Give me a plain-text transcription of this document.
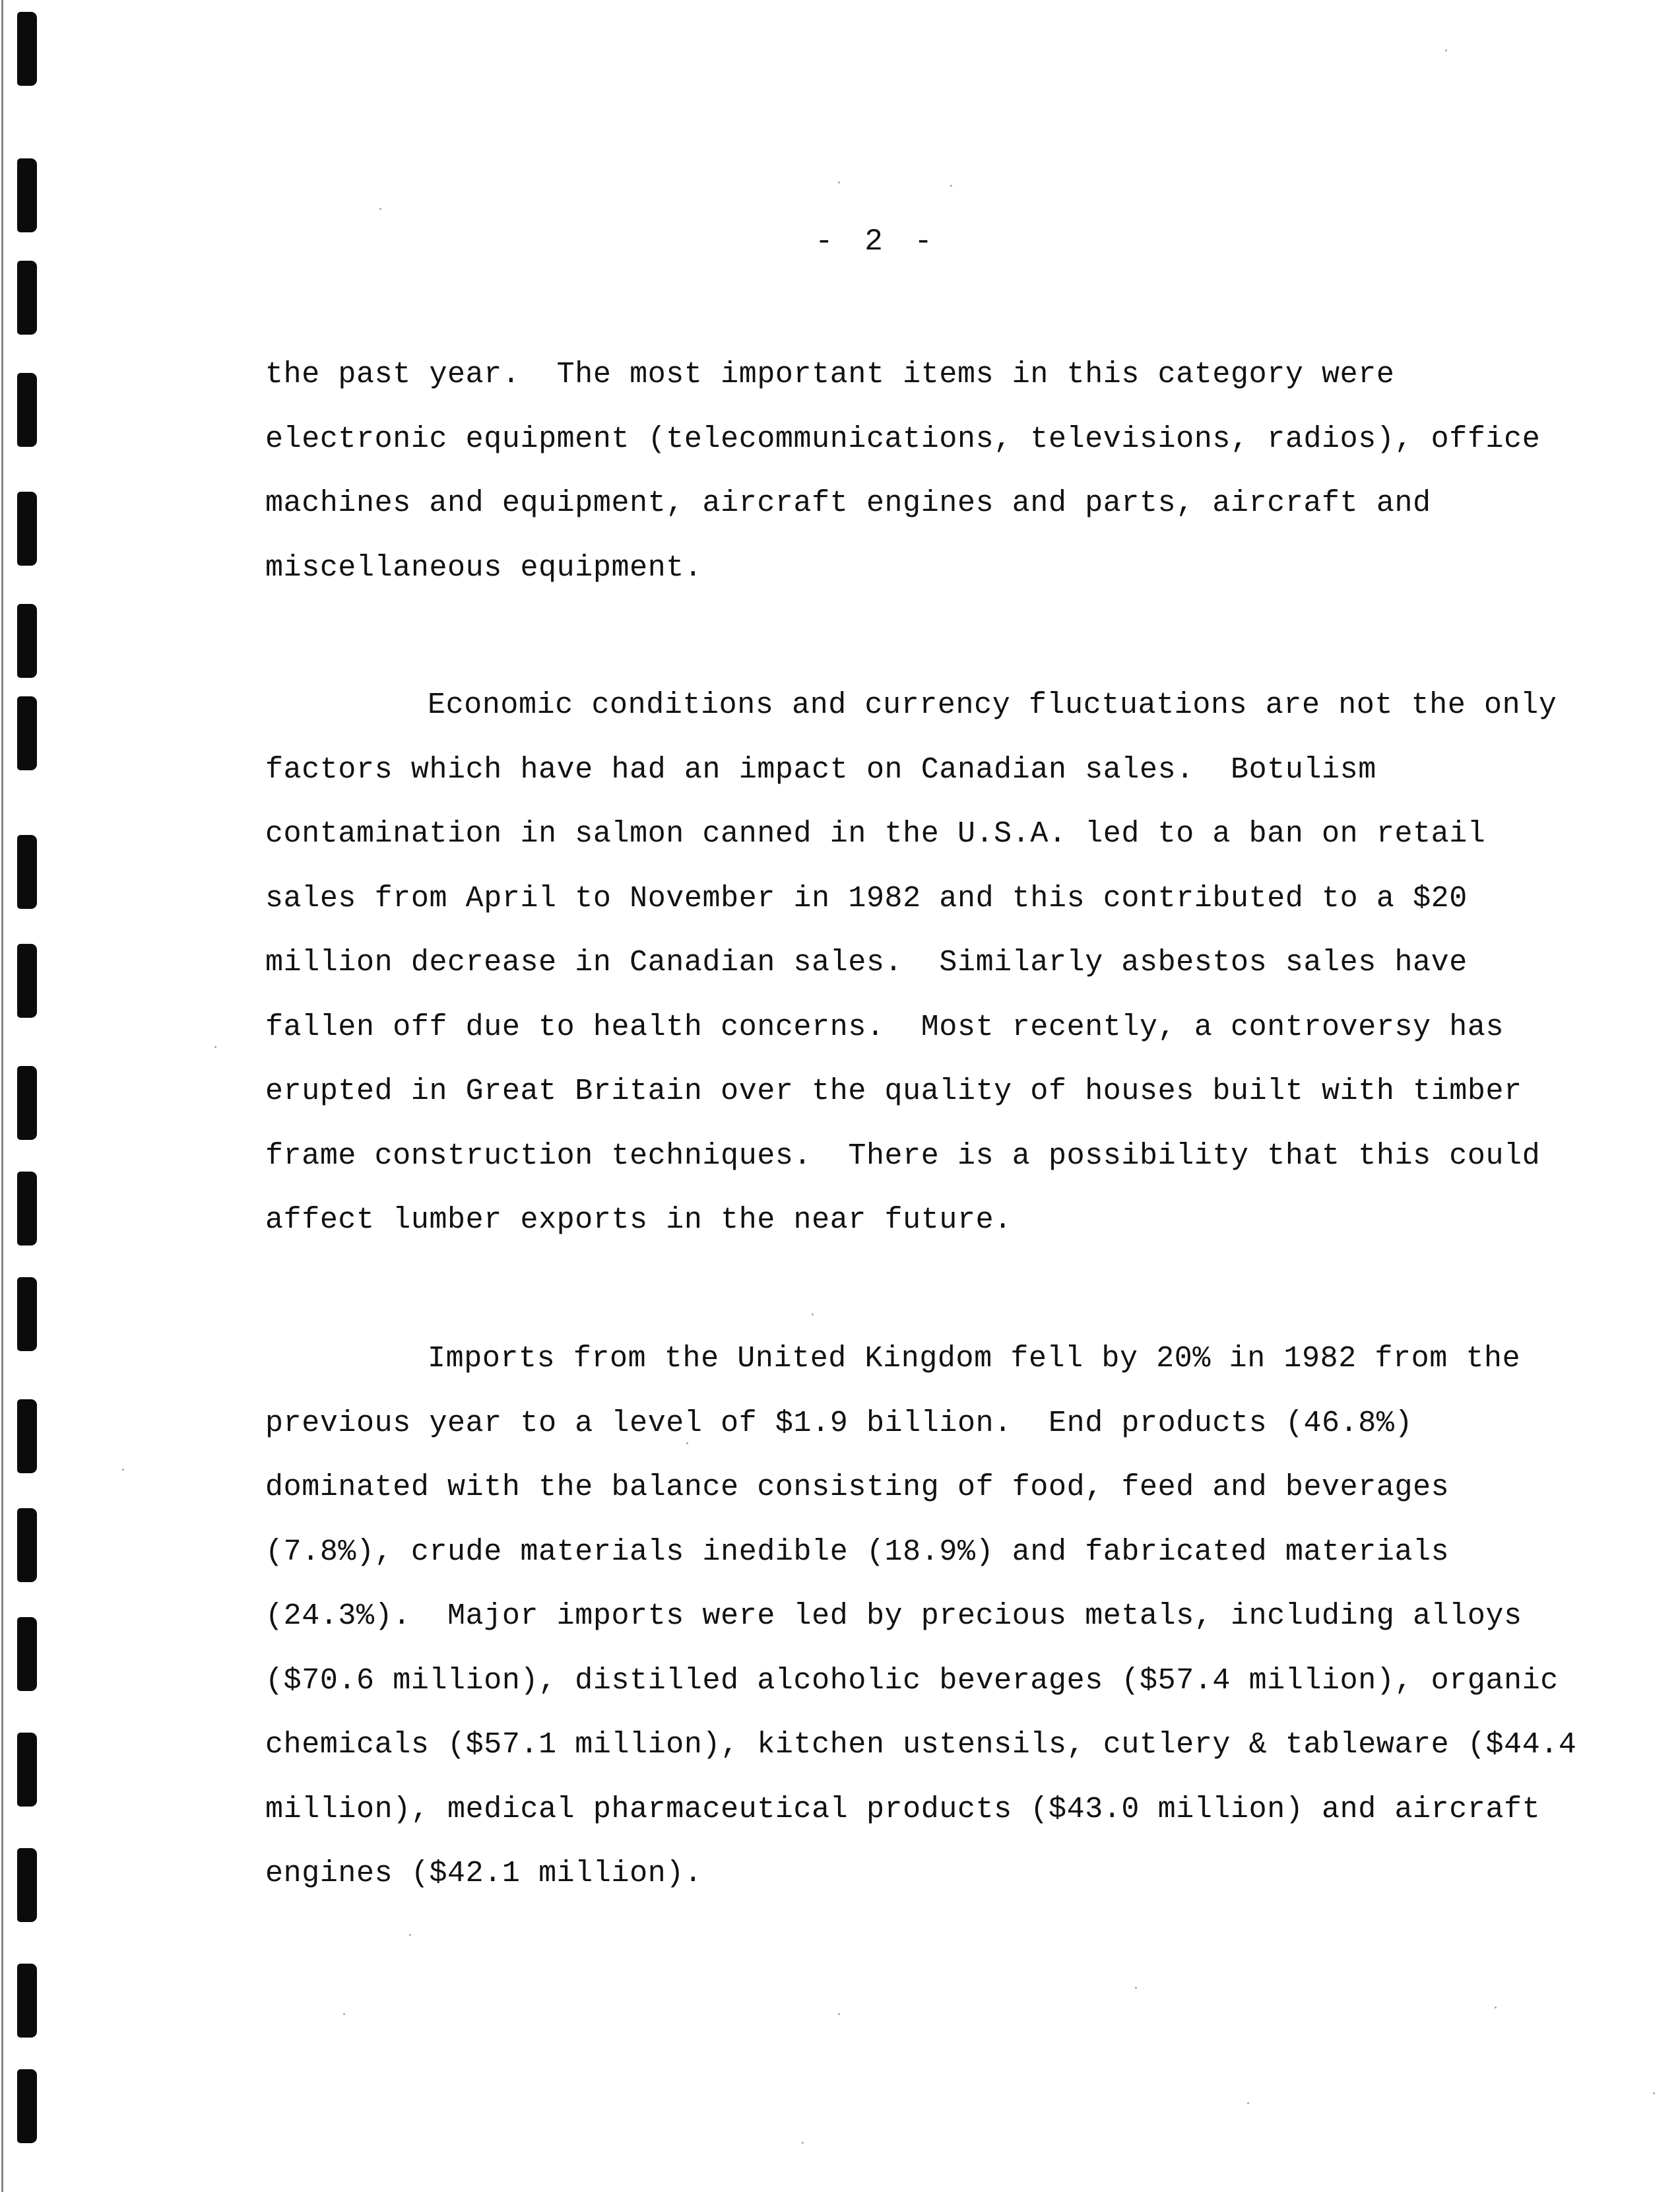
- 2 -
the past year.  The most important items in this category were
electronic equipment (telecommunications, televisions, radios), office
machines and equipment, aircraft engines and parts, aircraft and
miscellaneous equipment.
Economic conditions and currency fluctuations are not the only
factors which have had an impact on Canadian sales.  Botulism
contamination in salmon canned in the U.S.A. led to a ban on retail
sales from April to November in 1982 and this contributed to a $20
million decrease in Canadian sales.  Similarly asbestos sales have
fallen off due to health concerns.  Most recently, a controversy has
erupted in Great Britain over the quality of houses built with timber
frame construction techniques.  There is a possibility that this could
affect lumber exports in the near future.
Imports from the United Kingdom fell by 20% in 1982 from the
previous year to a level of $1.9 billion.  End products (46.8%)
dominated with the balance consisting of food, feed and beverages
(7.8%), crude materials inedible (18.9%) and fabricated materials
(24.3%).  Major imports were led by precious metals, including alloys
($70.6 million), distilled alcoholic beverages ($57.4 million), organic
chemicals ($57.1 million), kitchen ustensils, cutlery & tableware ($44.4
million), medical pharmaceutical products ($43.0 million) and aircraft
engines ($42.1 million).
